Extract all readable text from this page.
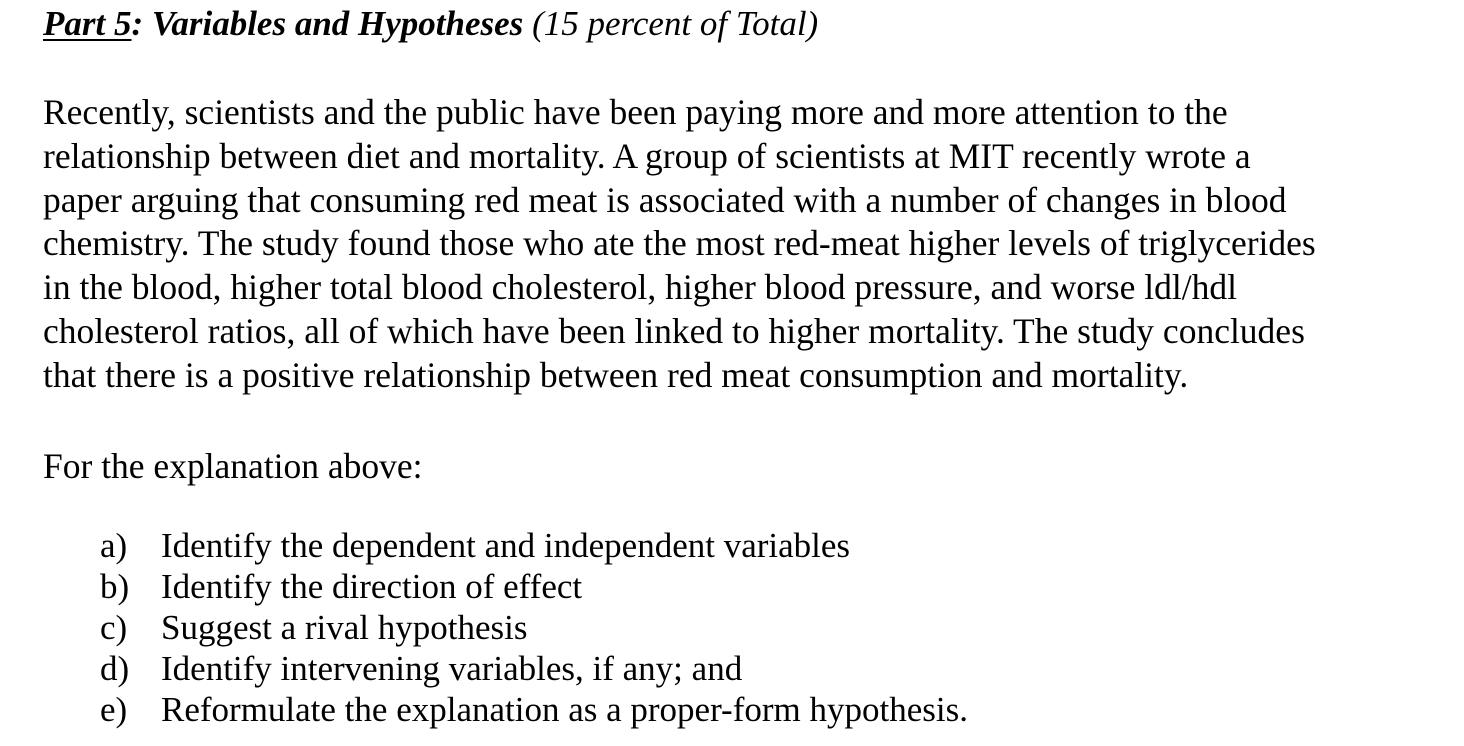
Part 5: Variables and Hypotheses (15 percent of Total)
Recently, scientists and the public have been paying more and more attention to the
relationship between diet and mortality. A group of scientists at MIT recently wrote a
paper arguing that consuming red meat is associated with a number of changes in blood
chemistry. The study found those who ate the most red-meat higher levels of triglycerides
in the blood, higher total blood cholesterol, higher blood pressure, and worse ldl/hdl
cholesterol ratios, all of which have been linked to higher mortality. The study concludes
that there is a positive relationship between red meat consumption and mortality.
For the explanation above:
a) Identify the dependent and independent variables
b) Identify the direction of effect
c) Suggest a rival hypothesis
d) Identify intervening variables, if any; and
e) Reformulate the explanation as a proper-form hypothesis.
